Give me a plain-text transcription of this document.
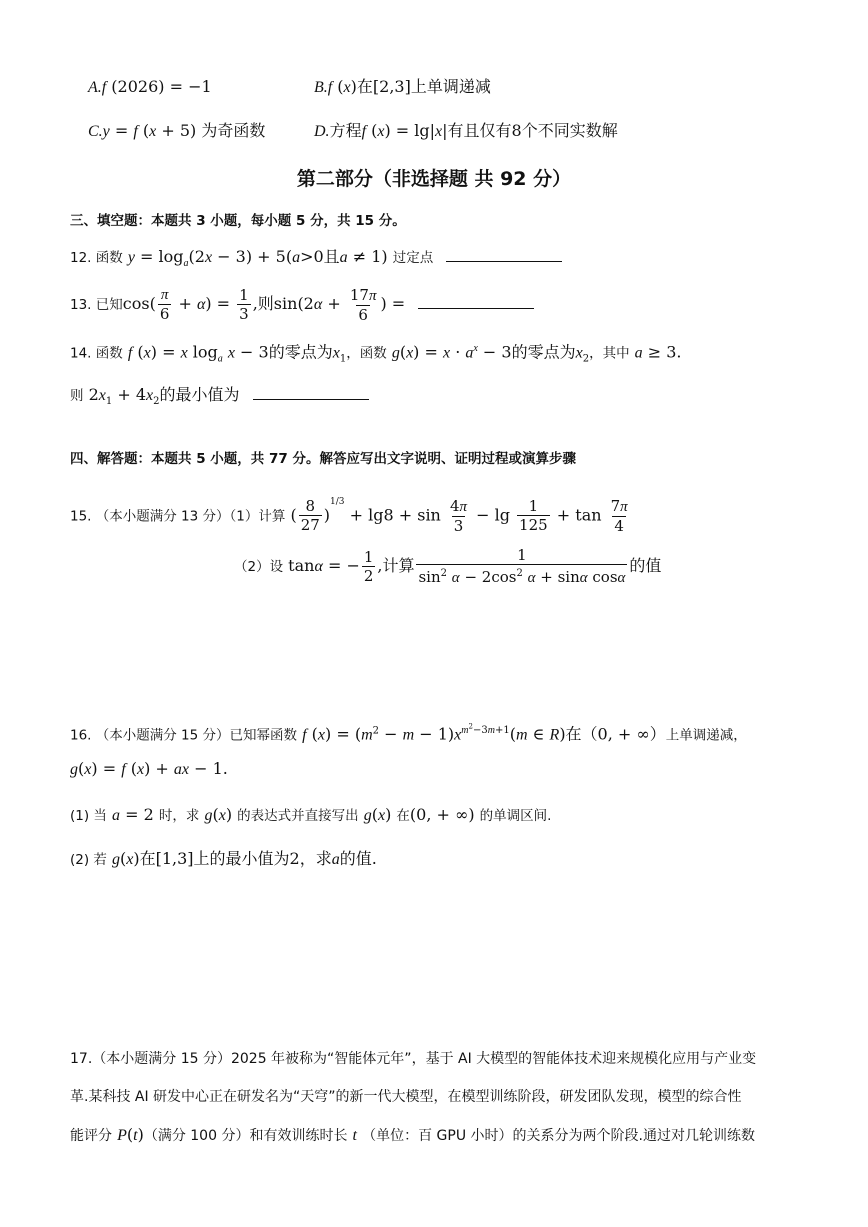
A.f (2026) = −1	B.f (x)在[2,3]上单调递减
C.y = f (x + 5) 为奇函数	D.方程f (x) = lg|x|有且仅有8个不同实数解
第二部分（非选择题 共 92 分）
三、填空题：本题共 3 小题，每小题 5 分，共 15 分。
12. 函数 $y = \log_a(2x - 3) + 5(a>0$且a ≠ 1) 过定点
13. 已知$\cos( \frac{\pi}{6} + \alpha) = \frac{1}{3}$ ,则$\sin(2\alpha + \frac{17\pi}{6}$ ) =
14. 函数 f (x) = x $\log_a x - 3$的零点为$x_1$，函数 $g(x) = x \cdot a^x - 3$的零点为$x_2$，其中 a ≥ 3.
则 $2x_1 + 4x_2$的最小值为
四、解答题：本题共 5 小题，共 77 分。解答应写出文字说明、证明过程或演算步骤
15. （本小题满分 13 分）（1）计算 ( $\frac{8}{27} )^{1/3} + \lg 8 + \sin \frac{4\pi}{3} - \lg \frac{1}{125} + \tan \frac{7\pi}{4}$
（2）设 tanα = − $\frac{1}{2}$ ,计算 $\frac{1}{\sin^2 \alpha - 2\cos^2 \alpha + \sin\alpha \cos\alpha}$ 的值
16. （本小题满分 15 分）已知幂函数 f $(x) = (m^2 - m - 1)x^{m^2-3m+1}(m$ ∈ R)在（0, + ∞）上单调递减，
g(x) = f (x) + ax − 1.
(1) 当 a = 2 时，求 g(x) 的表达式并直接写出 g(x) 在(0, + ∞) 的单调区间.
(2) 若 g(x)在[1,3]上的最小值为2，求a的值.
17.（本小题满分 15 分）2025 年被称为“智能体元年”，基于 AI 大模型的智能体技术迎来规模化应用与产业变
革.某科技 AI 研发中心正在研发名为“天穹”的新一代大模型，在模型训练阶段，研发团队发现，模型的综合性
能评分 P(t)（满分 100 分）和有效训练时长 t （单位：百 GPU 小时）的关系分为两个阶段.通过对几轮训练数
